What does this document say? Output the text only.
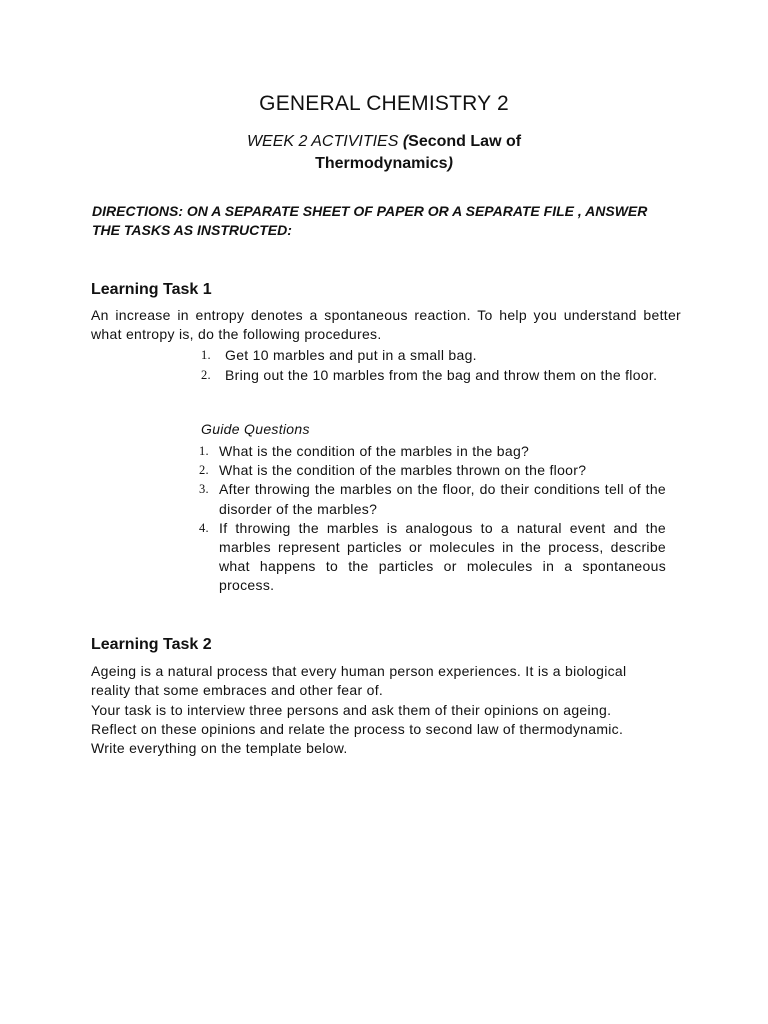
GENERAL CHEMISTRY 2
WEEK 2 ACTIVITIES (Second Law of
Thermodynamics)
DIRECTIONS: ON A SEPARATE SHEET OF PAPER OR A SEPARATE FILE , ANSWER THE TASKS AS INSTRUCTED:
Learning Task 1
An increase in entropy denotes a spontaneous reaction. To help you understand better what entropy is, do the following procedures.
1. Get 10 marbles and put in a small bag.
2. Bring out the 10 marbles from the bag and throw them on the floor.
Guide Questions
1. What is the condition of the marbles in the bag?
2. What is the condition of the marbles thrown on the floor?
3. After throwing the marbles on the floor, do their conditions tell of the disorder of the marbles?
4. If throwing the marbles is analogous to a natural event and the marbles represent particles or molecules in the process, describe what happens to the particles or molecules in a spontaneous process.
Learning Task 2
Ageing is a natural process that every human person experiences. It is a biological reality that some embraces and other fear of.
Your task is to interview three persons and ask them of their opinions on ageing. Reflect on these opinions and relate the process to second law of thermodynamic. Write everything on the template below.
